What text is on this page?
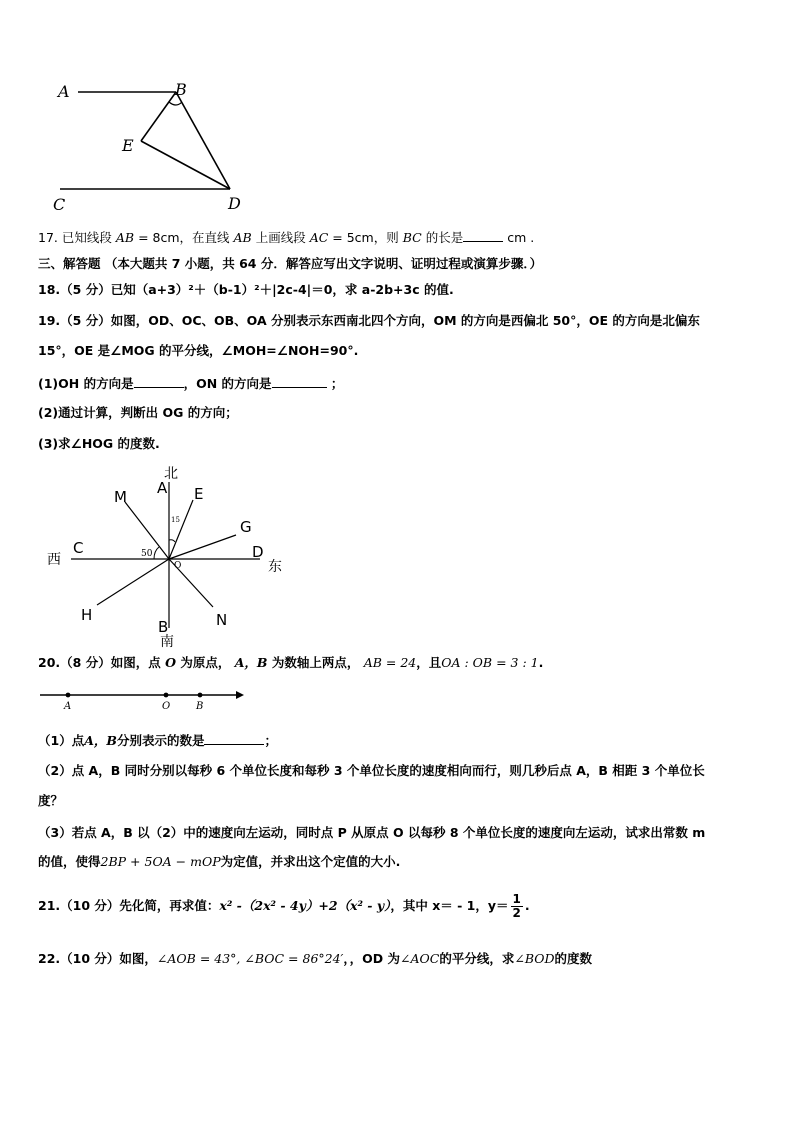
A	B
E
C	D
17. 已知线段 AB = 8cm，在直线 AB 上画线段 AC = 5cm，则 BC 的长是	cm .
三、解答题 （本大题共 7 小题，共 64 分．解答应写出文字说明、证明过程或演算步骤．）
18.（5 分）已知（a+3）²＋（b-1）²＋|2c-4|＝0，求 a-2b+3c 的值.
19.（5 分）如图，OD、OC、OB、OA 分别表示东西南北四个方向，OM 的方向是西偏北 50°，OE 的方向是北偏东
15°，OE 是∠MOG 的平分线，∠MOH=∠NOH=90°.
(1)OH 的方向是	，ON 的方向是	；
(2)通过计算，判断出 OG 的方向；
(3)求∠HOG 的度数.
北
A
M	E
15	G
C	50	D
西	O	东
H	N
B
南
20.（8 分）如图，点 O 为原点， A，B 为数轴上两点， AB = 24，且OA : OB = 3 : 1.
A	O	B
（1）点A，B分别表示的数是	；
（2）点 A，B 同时分别以每秒 6 个单位长度和每秒 3 个单位长度的速度相向而行，则几秒后点 A，B 相距 3 个单位长
度？
（3）若点 A，B 以（2）中的速度向左运动，同时点 P 从原点 O 以每秒 8 个单位长度的速度向左运动，试求出常数 m
的值，使得2BP + 5OA − mOP为定值，并求出这个定值的大小.
21.（10 分）先化简，再求值：x² -（2x² - 4y）+2（x² - y），其中 x＝ - 1，$y= \frac{1}{2}$ .
22.（10 分）如图，∠AOB = 43°, ∠BOC = 86°24′，，OD 为∠AOC的平分线，求∠BOD的度数
